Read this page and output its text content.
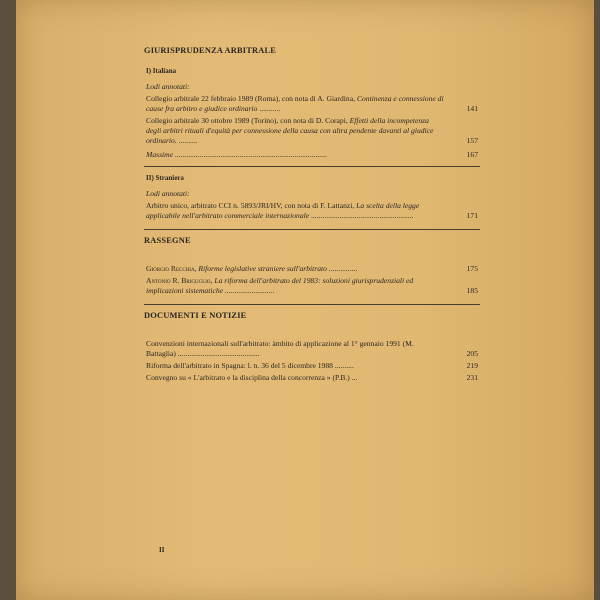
GIURISPRUDENZA ARBITRALE
I) Italiana
Lodi annotati:
Collegio arbitrale 22 febbraio 1989 (Roma), con nota di A. Giardina, Continenza e connessione di cause fra arbitro e giudice ordinario ...........	141
Collegio arbitrale 30 ottobre 1989 (Torino), con nota di D. Corapi, Effetti della incompetenza degli arbitri rituali d'equità per connessione della causa con altra pendente davanti al giudice ordinario. ..........	157
Massime ................................................................................	167
II) Straniera
Lodi annotati:
Arbitro unico, arbitrato CCI n. 5893/JRI/HV, con nota di F. Lattanzi, La scelta della legge applicabile nell'arbitrato commerciale internazionale ......................................................	171
RASSEGNE
Giorgio Recchia, Riforme legislative straniere sull'arbitrato ...............	175
Antonio R. Briguglio, La riforma dell'arbitrato del 1983: soluzioni giurisprudenziali ed implicazioni sistematiche ..........................	185
DOCUMENTI E NOTIZIE
Convenzioni internazionali sull'arbitrato: àmbito di applicazione al 1° gennaio 1991 (M. Battaglia) ...........................................	205
Riforma dell'arbitrato in Spagna: l. n. 36 del 5 dicembre 1988 ..........	219
Convegno su « L'arbitrato e la disciplina della concorrenza » (P.B.) ...	231
II
